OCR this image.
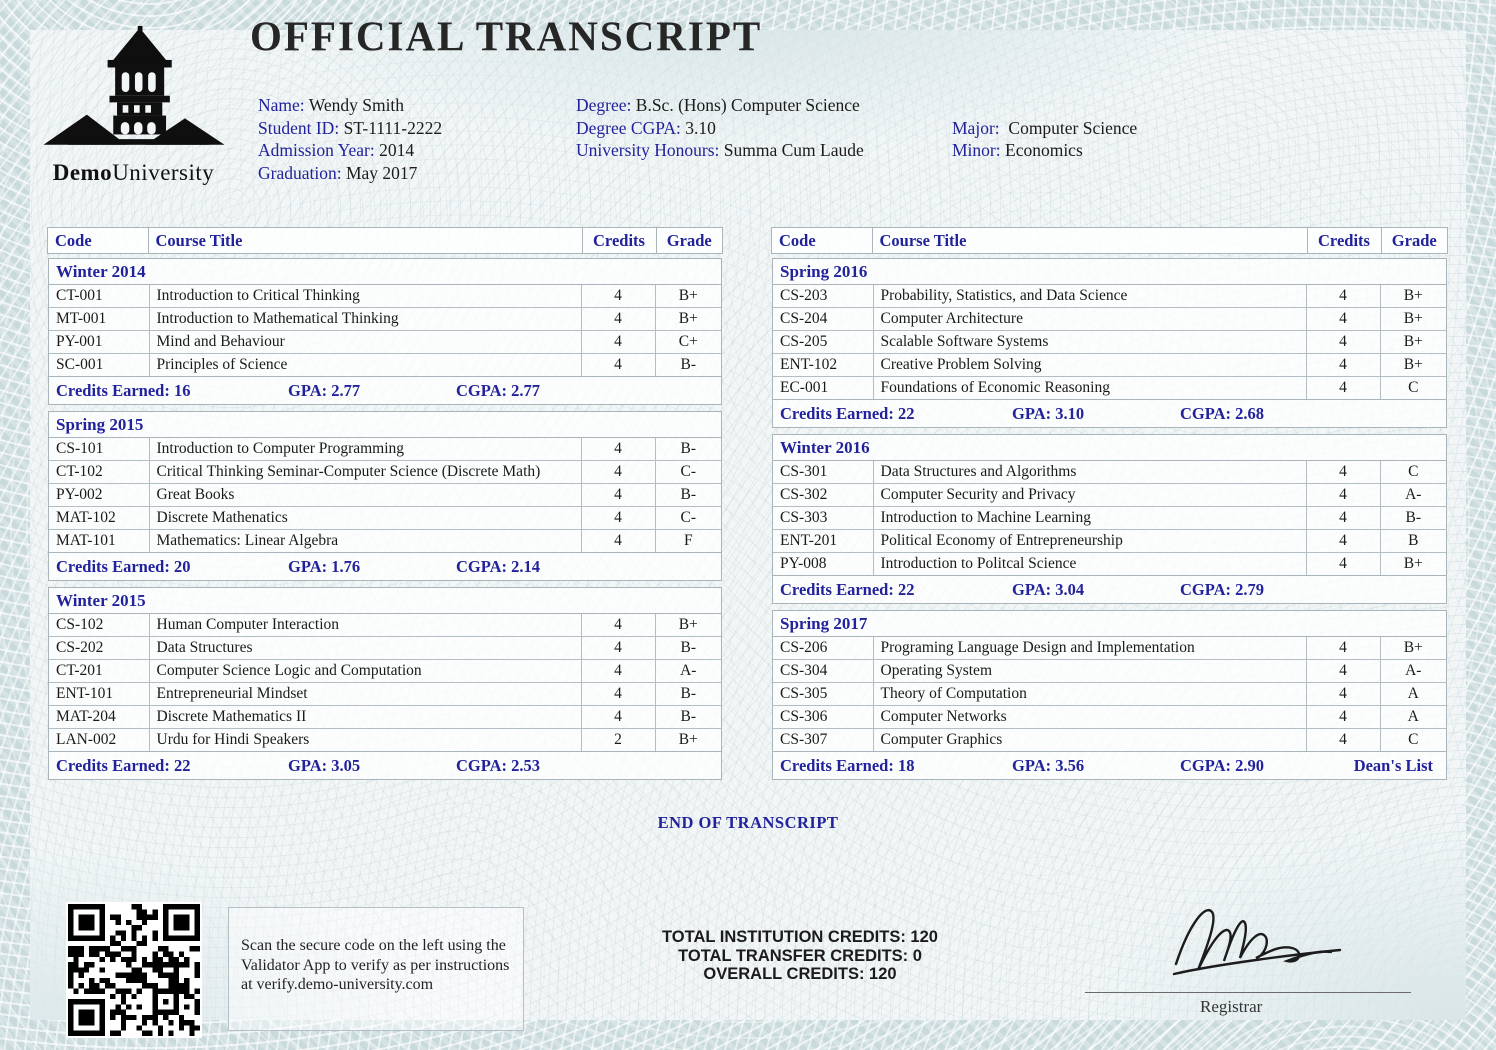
DemoUniversity
OFFICIAL TRANSCRIPT
Name: Wendy Smith
Student ID: ST-1111-2222
Admission Year: 2014
Graduation: May 2017
Degree: B.Sc. (Hons) Computer Science
Degree CGPA: 3.10
University Honours: Summa Cum Laude
Major: Computer Science
Minor: Economics
Code	Course Title	Credits	Grade
Winter 2014
CT-001	Introduction to Critical Thinking	4	B+
MT-001	Introduction to Mathematical Thinking	4	B+
PY-001	Mind and Behaviour	4	C+
SC-001	Principles of Science	4	B-
Credits Earned: 16	GPA: 2.77	CGPA: 2.77
Spring 2015
CS-101	Introduction to Computer Programming	4	B-
CT-102	Critical Thinking Seminar-Computer Science (Discrete Math)	4	C-
PY-002	Great Books	4	B-
MAT-102	Discrete Mathenatics	4	C-
MAT-101	Mathematics: Linear Algebra	4	F
Credits Earned: 20	GPA: 1.76	CGPA: 2.14
Winter 2015
CS-102	Human Computer Interaction	4	B+
CS-202	Data Structures	4	B-
CT-201	Computer Science Logic and Computation	4	A-
ENT-101	Entrepreneurial Mindset	4	B-
MAT-204	Discrete Mathematics II	4	B-
LAN-002	Urdu for Hindi Speakers	2	B+
Credits Earned: 22	GPA: 3.05	CGPA: 2.53
Code	Course Title	Credits	Grade
Spring 2016
CS-203	Probability, Statistics, and Data Science	4	B+
CS-204	Computer Architecture	4	B+
CS-205	Scalable Software Systems	4	B+
ENT-102	Creative Problem Solving	4	B+
EC-001	Foundations of Economic Reasoning	4	C
Credits Earned: 22	GPA: 3.10	CGPA: 2.68
Winter 2016
CS-301	Data Structures and Algorithms	4	C
CS-302	Computer Security and Privacy	4	A-
CS-303	Introduction to Machine Learning	4	B-
ENT-201	Political Economy of Entrepreneurship	4	B
PY-008	Introduction to Politcal Science	4	B+
Credits Earned: 22	GPA: 3.04	CGPA: 2.79
Spring 2017
CS-206	Programing Language Design and Implementation	4	B+
CS-304	Operating System	4	A-
CS-305	Theory of Computation	4	A
CS-306	Computer Networks	4	A
CS-307	Computer Graphics	4	C
Credits Earned: 18	GPA: 3.56	CGPA: 2.90	Dean's List
END OF TRANSCRIPT

Scan the secure code on the left using the Validator App to verify as per instructions at verify.demo-university.com

TOTAL INSTITUTION CREDITS: 120
TOTAL TRANSFER CREDITS: 0
OVERALL CREDITS: 120
Registrar
